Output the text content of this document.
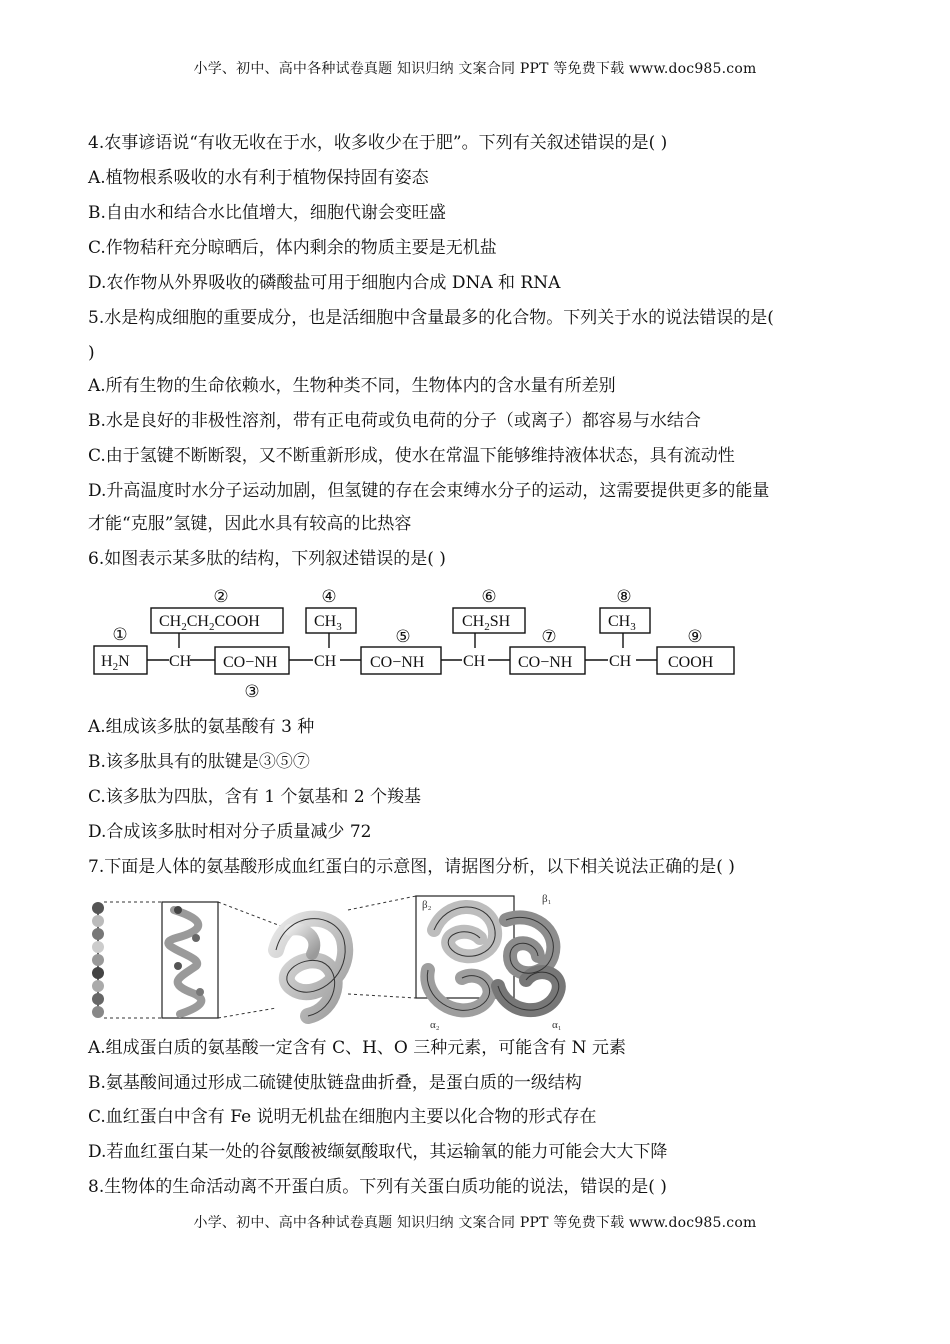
小学、初中、高中各种试卷真题 知识归纳 文案合同 PPT 等免费下载 www.doc985.com
4.农事谚语说“有收无收在于水，收多收少在于肥”。下列有关叙述错误的是( )
A.植物根系吸收的水有利于植物保持固有姿态
B.自由水和结合水比值增大，细胞代谢会变旺盛
C.作物秸秆充分晾晒后，体内剩余的物质主要是无机盐
D.农作物从外界吸收的磷酸盐可用于细胞内合成 DNA 和 RNA
5.水是构成细胞的重要成分，也是活细胞中含量最多的化合物。下列关于水的说法错误的是(
)
A.所有生物的生命依赖水，生物种类不同，生物体内的含水量有所差别
B.水是良好的非极性溶剂，带有正电荷或负电荷的分子（或离子）都容易与水结合
C.由于氢键不断断裂，又不断重新形成，使水在常温下能够维持液体状态，具有流动性
D.升高温度时水分子运动加剧，但氢键的存在会束缚水分子的运动，这需要提供更多的能量
才能“克服”氢键，因此水具有较高的比热容
6.如图表示某多肽的结构，下列叙述错误的是( )
①
②
③
④
⑤
⑥
⑦
⑧
⑨
$H_2N$
$CH_2CH_2COOH$	$CH_3$	$CH_2SH$	$CH_3$
CH	CH	CH	CH
CO−NH	CO−NH	CO−NH	COOH
A.组成该多肽的氨基酸有 3 种
B.该多肽具有的肽键是③⑤⑦
C.该多肽为四肽，含有 1 个氨基和 2 个羧基
D.合成该多肽时相对分子质量减少 72
7.下面是人体的氨基酸形成血红蛋白的示意图，请据图分析，以下相关说法正确的是( )
β₂	β₁
α₂	α₁
A.组成蛋白质的氨基酸一定含有 C、H、O 三种元素，可能含有 N 元素
B.氨基酸间通过形成二硫键使肽链盘曲折叠，是蛋白质的一级结构
C.血红蛋白中含有 Fe 说明无机盐在细胞内主要以化合物的形式存在
D.若血红蛋白某一处的谷氨酸被缬氨酸取代，其运输氧的能力可能会大大下降
8.生物体的生命活动离不开蛋白质。下列有关蛋白质功能的说法，错误的是( )
小学、初中、高中各种试卷真题 知识归纳 文案合同 PPT 等免费下载 www.doc985.com
